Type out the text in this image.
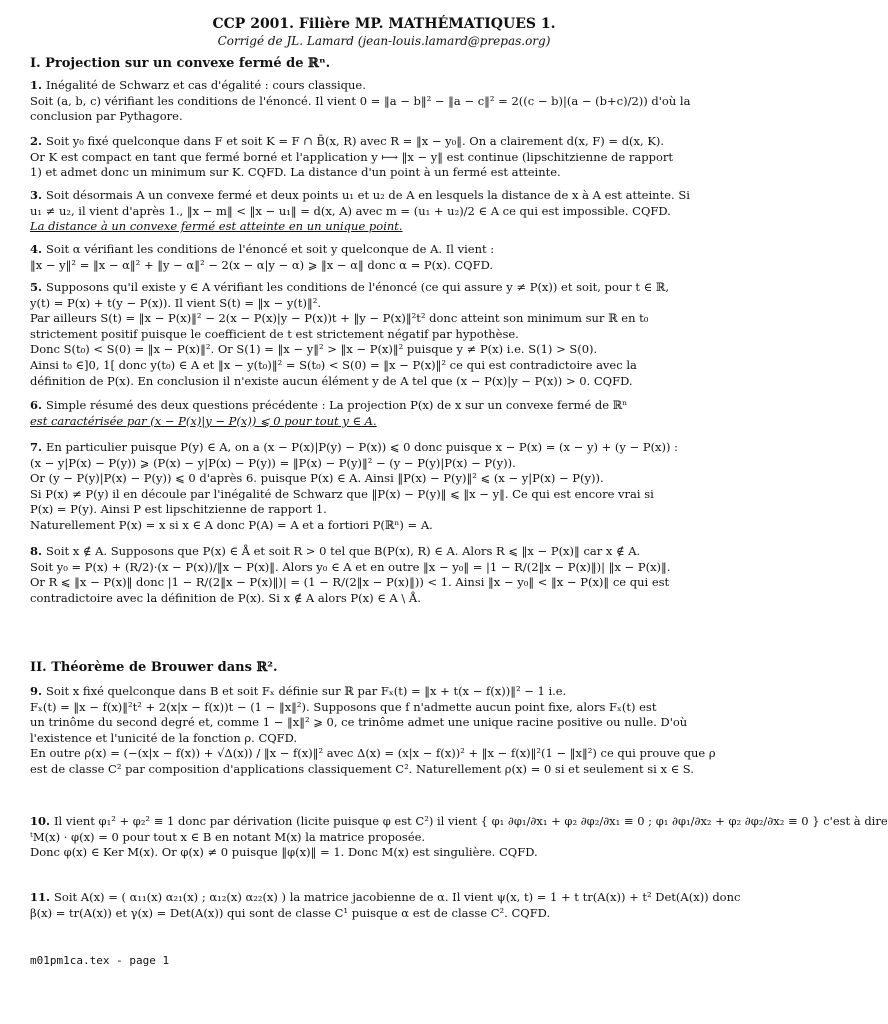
CCP 2001. Filière MP. MATHÉMATIQUES 1.
Corrigé de JL. Lamard (jean-louis.lamard@prepas.org)
I. Projection sur un convexe fermé de ℝⁿ.
1. Inégalité de Schwarz et cas d'égalité : cours classique.
Soit (a, b, c) vérifiant les conditions de l'énoncé. Il vient 0 = ‖a − b‖² − ‖a − c‖² = 2((c − b)|(a − (b+c)/2)) d'où la
conclusion par Pythagore.
2. Soit y₀ fixé quelconque dans F et soit K = F ∩ B̄(x, R) avec R = ‖x − y₀‖. On a clairement d(x, F) = d(x, K).
Or K est compact en tant que fermé borné et l'application y ⟼ ‖x − y‖ est continue (lipschitzienne de rapport
1) et admet donc un minimum sur K. CQFD. La distance d'un point à un fermé est atteinte.
3. Soit désormais A un convexe fermé et deux points u₁ et u₂ de A en lesquels la distance de x à A est atteinte. Si
u₁ ≠ u₂, il vient d'après 1., ‖x − m‖ < ‖x − u₁‖ = d(x, A) avec m = (u₁ + u₂)/2 ∈ A ce qui est impossible. CQFD.
La distance à un convexe fermé est atteinte en un unique point.
4. Soit α vérifiant les conditions de l'énoncé et soit y quelconque de A. Il vient :
‖x − y‖² = ‖x − α‖² + ‖y − α‖² − 2(x − α|y − α) ⩾ ‖x − α‖ donc α = P(x). CQFD.
5. Supposons qu'il existe y ∈ A vérifiant les conditions de l'énoncé (ce qui assure y ≠ P(x)) et soit, pour t ∈ ℝ,
y(t) = P(x) + t(y − P(x)). Il vient S(t) = ‖x − y(t)‖².
Par ailleurs S(t) = ‖x − P(x)‖² − 2(x − P(x)|y − P(x))t + ‖y − P(x)‖²t² donc atteint son minimum sur ℝ en t₀
strictement positif puisque le coefficient de t est strictement négatif par hypothèse.
Donc S(t₀) < S(0) = ‖x − P(x)‖². Or S(1) = ‖x − y‖² > ‖x − P(x)‖² puisque y ≠ P(x) i.e. S(1) > S(0).
Ainsi t₀ ∈]0, 1[ donc y(t₀) ∈ A et ‖x − y(t₀)‖² = S(t₀) < S(0) = ‖x − P(x)‖² ce qui est contradictoire avec la
définition de P(x). En conclusion il n'existe aucun élément y de A tel que (x − P(x)|y − P(x)) > 0. CQFD.
6. Simple résumé des deux questions précédente : La projection P(x) de x sur un convexe fermé de ℝⁿ
est caractérisée par (x − P(x)|y − P(x)) ⩽ 0 pour tout y ∈ A.
7. En particulier puisque P(y) ∈ A, on a (x − P(x)|P(y) − P(x)) ⩽ 0 donc puisque x − P(x) = (x − y) + (y − P(x)) :
(x − y|P(x) − P(y)) ⩾ (P(x) − y|P(x) − P(y)) = ‖P(x) − P(y)‖² − (y − P(y)|P(x) − P(y)).
Or (y − P(y)|P(x) − P(y)) ⩽ 0 d'après 6. puisque P(x) ∈ A. Ainsi ‖P(x) − P(y)‖² ⩽ (x − y|P(x) − P(y)).
Si P(x) ≠ P(y) il en découle par l'inégalité de Schwarz que ‖P(x) − P(y)‖ ⩽ ‖x − y‖. Ce qui est encore vrai si
P(x) = P(y). Ainsi P est lipschitzienne de rapport 1.
Naturellement P(x) = x si x ∈ A donc P(A) = A et a fortiori P(ℝⁿ) = A.
8. Soit x ∉ A. Supposons que P(x) ∈ Å et soit R > 0 tel que B(P(x), R) ∈ A. Alors R ⩽ ‖x − P(x)‖ car x ∉ A.
Soit y₀ = P(x) + (R/2)·(x − P(x))/‖x − P(x)‖. Alors y₀ ∈ A et en outre ‖x − y₀‖ = |1 − R/(2‖x − P(x)‖)| ‖x − P(x)‖.
Or R ⩽ ‖x − P(x)‖ donc |1 − R/(2‖x − P(x)‖)| = (1 − R/(2‖x − P(x)‖)) < 1. Ainsi ‖x − y₀‖ < ‖x − P(x)‖ ce qui est
contradictoire avec la définition de P(x). Si x ∉ A alors P(x) ∈ A \ Å.
II. Théorème de Brouwer dans ℝ².
9. Soit x fixé quelconque dans B et soit Fₓ définie sur ℝ par Fₓ(t) = ‖x + t(x − f(x))‖² − 1 i.e.
Fₓ(t) = ‖x − f(x)‖²t² + 2(x|x − f(x))t − (1 − ‖x‖²). Supposons que f n'admette aucun point fixe, alors Fₓ(t) est
un trinôme du second degré et, comme 1 − ‖x‖² ⩾ 0, ce trinôme admet une unique racine positive ou nulle. D'où
l'existence et l'unicité de la fonction ρ. CQFD.
En outre ρ(x) = (−(x|x − f(x)) + √Δ(x)) / ‖x − f(x)‖² avec Δ(x) = (x|x − f(x))² + ‖x − f(x)‖²(1 − ‖x‖²) ce qui prouve que ρ
est de classe C² par composition d'applications classiquement C². Naturellement ρ(x) = 0 si et seulement si x ∈ S.
10. Il vient φ₁² + φ₂² ≡ 1 donc par dérivation (licite puisque φ est C²) il vient { φ₁ ∂φ₁/∂x₁ + φ₂ ∂φ₂/∂x₁ ≡ 0 ; φ₁ ∂φ₁/∂x₂ + φ₂ ∂φ₂/∂x₂ ≡ 0 } c'est à dire
ᵗM(x) · φ(x) = 0 pour tout x ∈ B en notant M(x) la matrice proposée.
Donc φ(x) ∈ Ker M(x). Or φ(x) ≠ 0 puisque ‖φ(x)‖ = 1. Donc M(x) est singulière. CQFD.
11. Soit A(x) = ( α₁₁(x) α₂₁(x) ; α₁₂(x) α₂₂(x) ) la matrice jacobienne de α. Il vient ψ(x, t) = 1 + t tr(A(x)) + t² Det(A(x)) donc
β(x) = tr(A(x)) et γ(x) = Det(A(x)) qui sont de classe C¹ puisque α est de classe C². CQFD.
m01pm1ca.tex - page 1
